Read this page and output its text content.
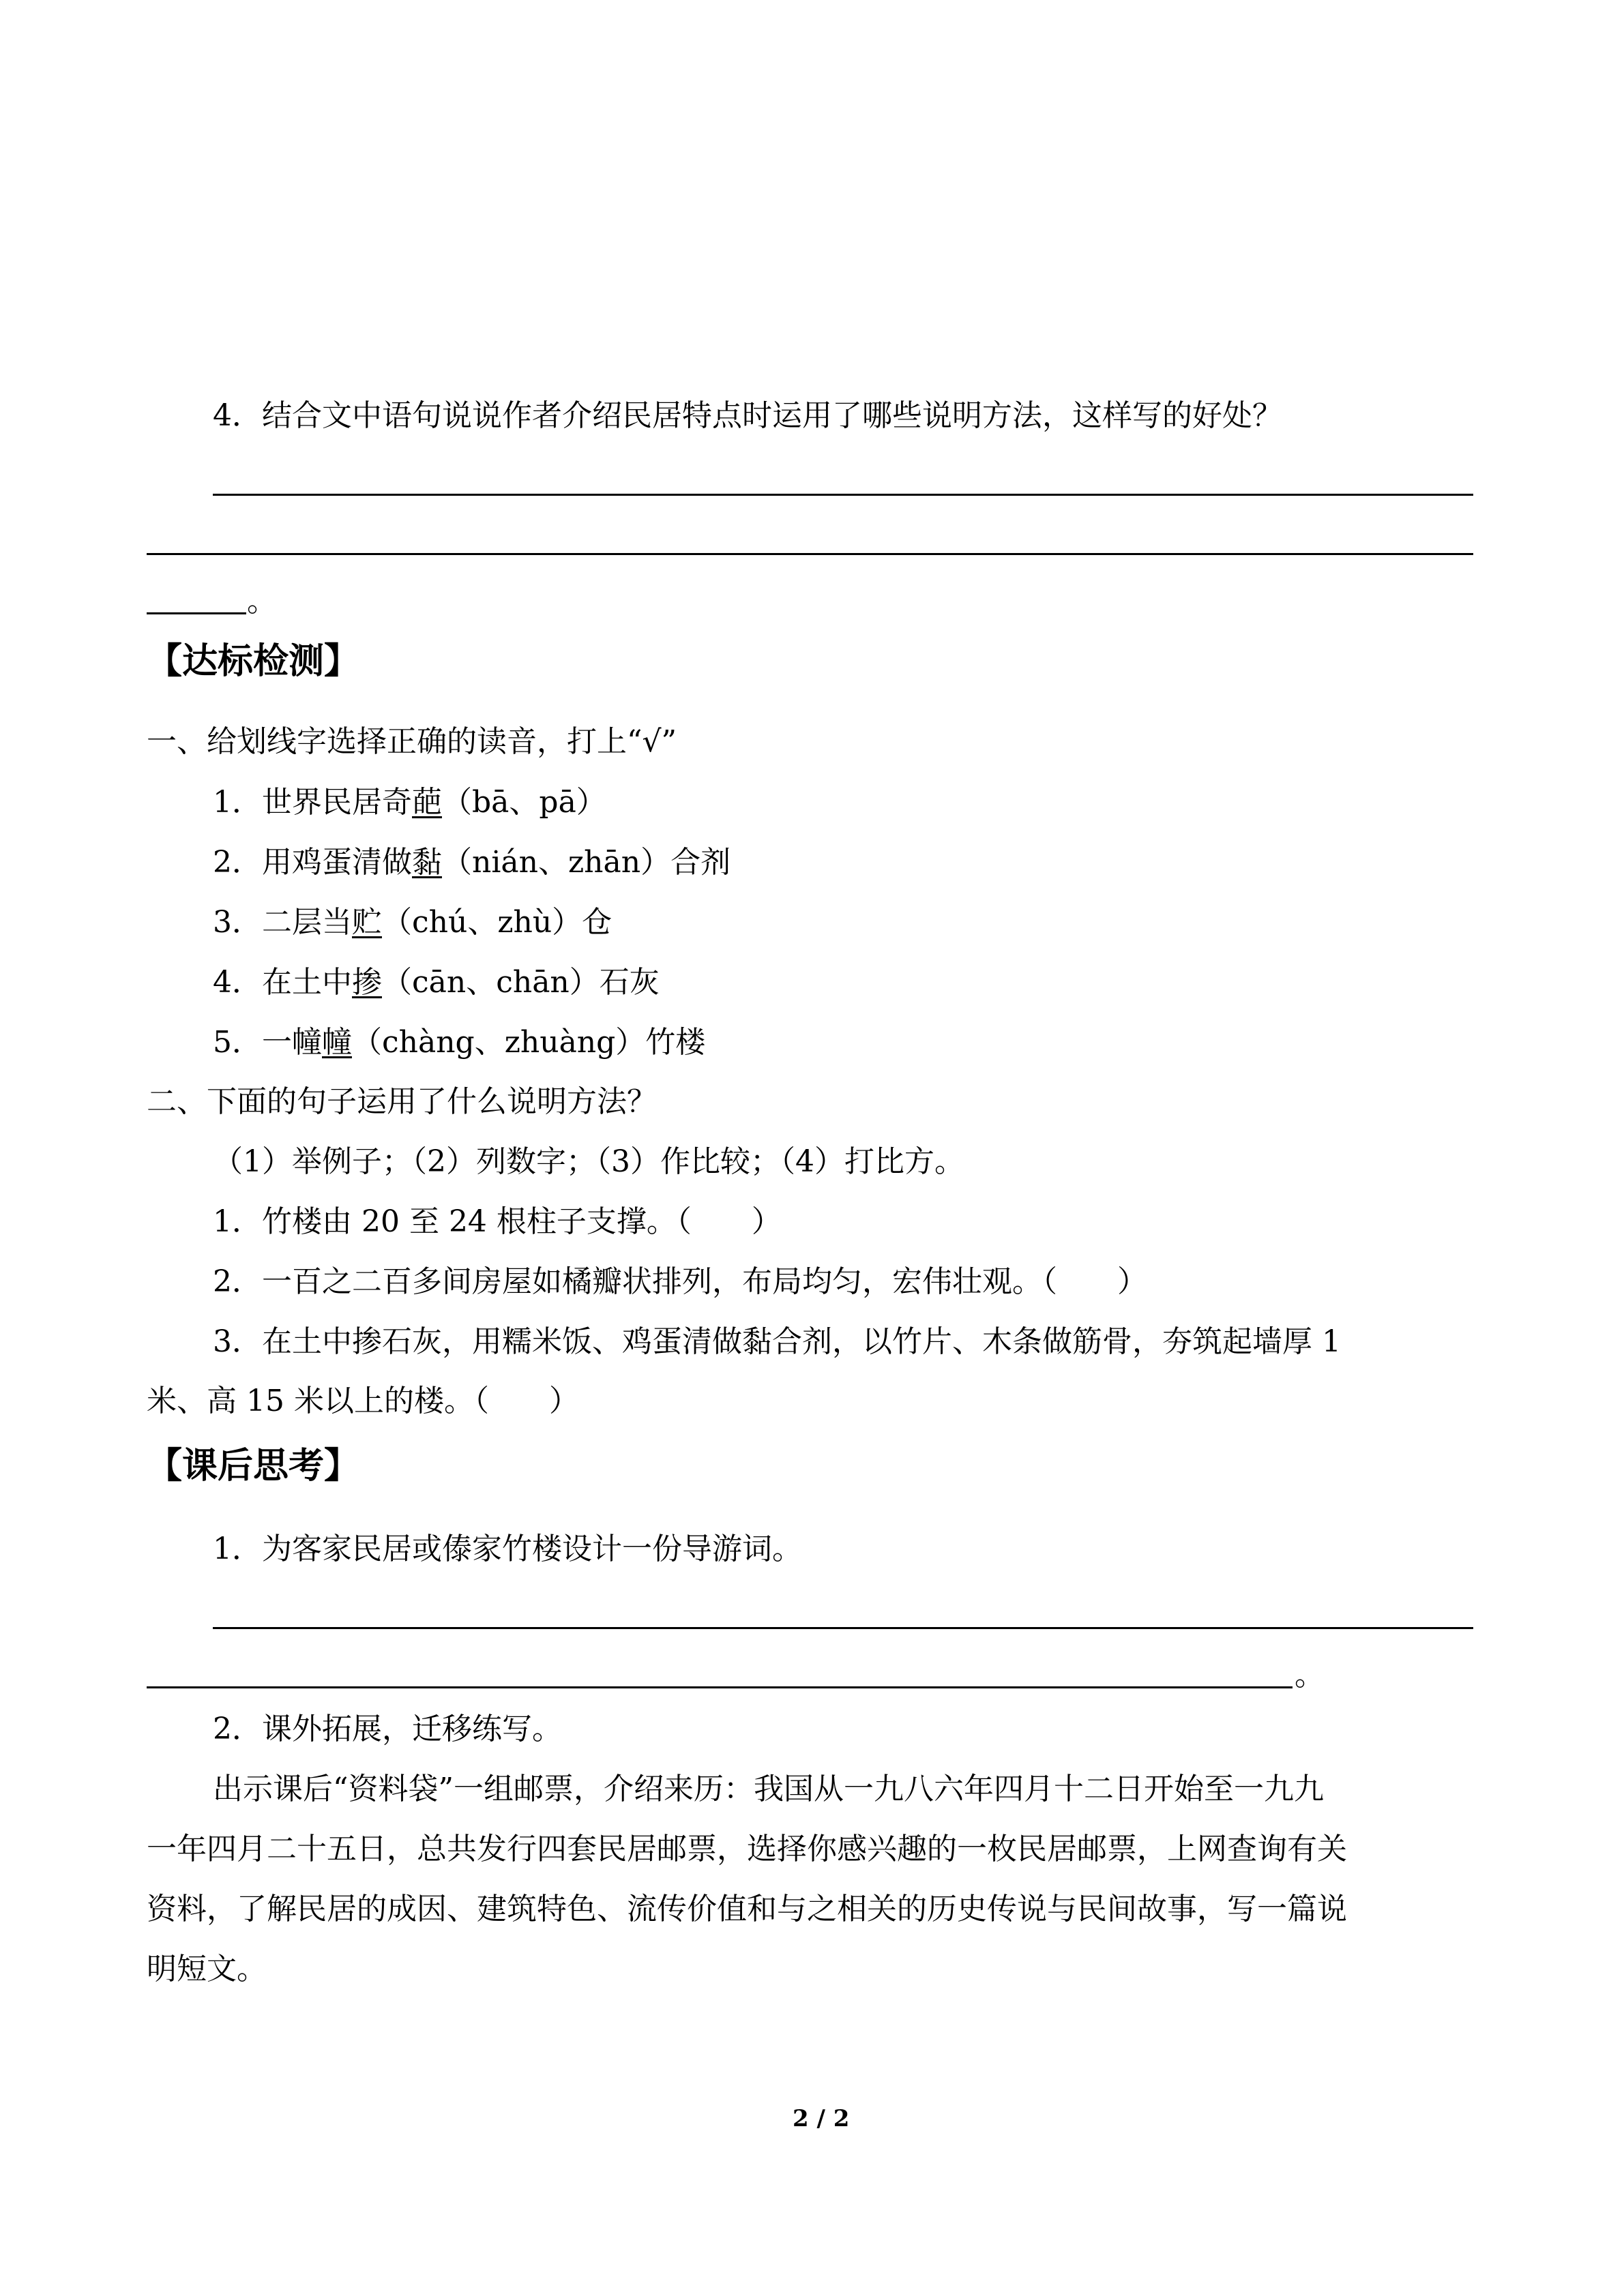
4．结合文中语句说说作者介绍民居特点时运用了哪些说明方法，这样写的好处？
。
【达标检测】
一、给划线字选择正确的读音，打上“√”
1．世界民居奇葩（bā、pā）
2．用鸡蛋清做黏（nián、zhān）合剂
3．二层当贮（chú、zhù）仓
4．在土中掺（cān、chān）石灰
5．一幢幢（chàng、zhuàng）竹楼
二、下面的句子运用了什么说明方法？
（1）举例子；（2）列数字；（3）作比较；（4）打比方。
1．竹楼由 20 至 24 根柱子支撑。（　　）
2．一百之二百多间房屋如橘瓣状排列，布局均匀，宏伟壮观。（　　）
3．在土中掺石灰，用糯米饭、鸡蛋清做黏合剂，以竹片、木条做筋骨，夯筑起墙厚 1
米、高 15 米以上的楼。（　　）
【课后思考】
1．为客家民居或傣家竹楼设计一份导游词。
。
2．课外拓展，迁移练写。
出示课后“资料袋”一组邮票，介绍来历：我国从一九八六年四月十二日开始至一九九
一年四月二十五日，总共发行四套民居邮票，选择你感兴趣的一枚民居邮票，上网查询有关
资料，了解民居的成因、建筑特色、流传价值和与之相关的历史传说与民间故事，写一篇说
明短文。
2 / 2
